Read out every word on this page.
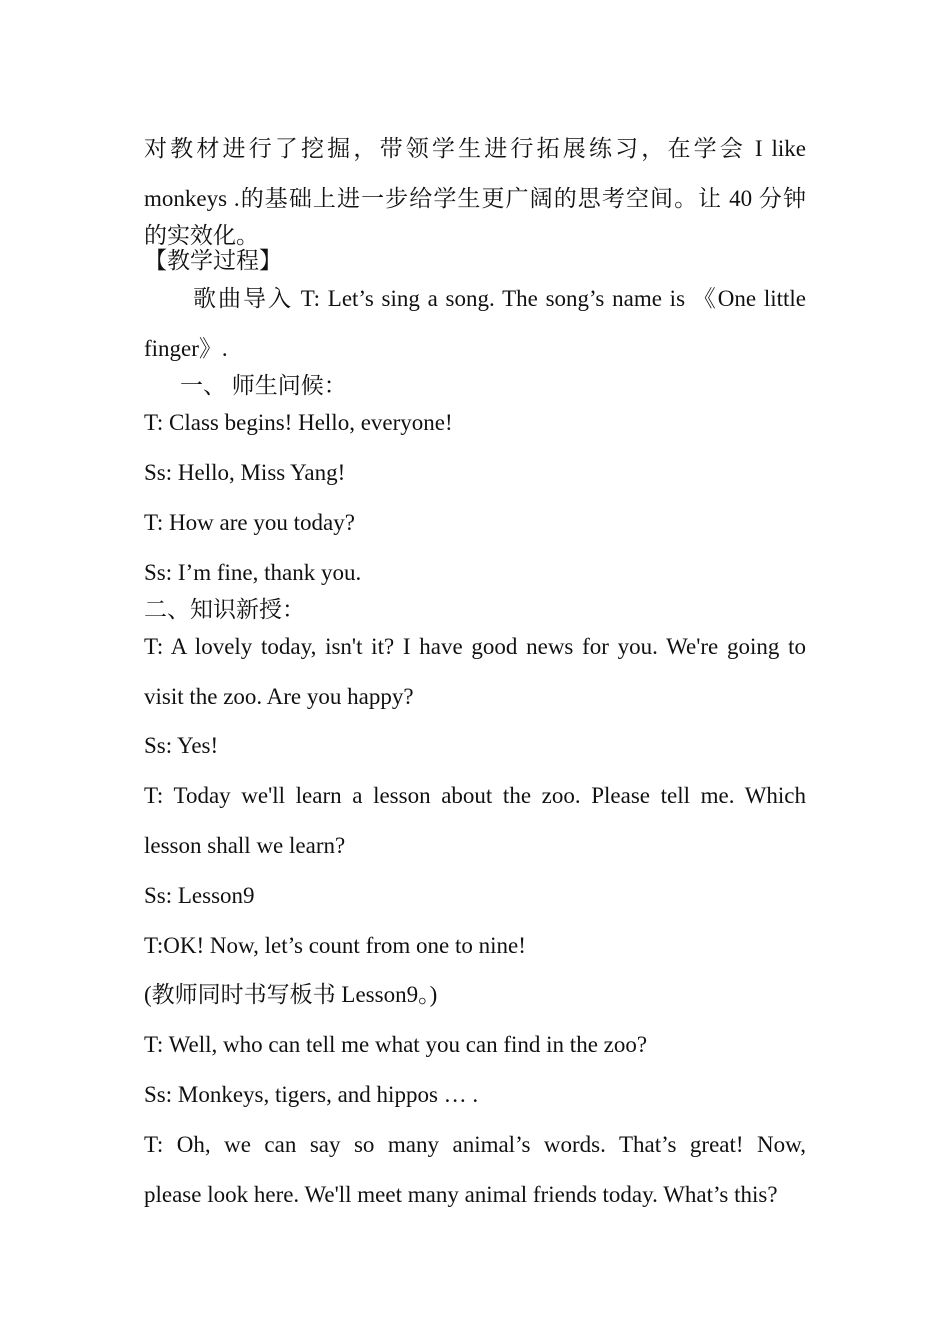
对教材进行了挖掘，带领学生进行拓展练习，在学会 I like
monkeys .的基础上进一步给学生更广阔的思考空间。让 40 分钟
的实效化。
【教学过程】
歌曲导入 T: Let’s sing a song. The song’s name is 《One little
finger》.
一、 师生问候：
T: Class begins! Hello, everyone!
Ss: Hello, Miss Yang!
T: How are you today?
Ss: I’m fine, thank you.
二、知识新授：
T: A lovely today, isn't it? I have good news for you. We're going to
visit the zoo. Are you happy?
Ss: Yes!
T: Today we'll learn a lesson about the zoo. Please tell me. Which
lesson shall we learn?
Ss: Lesson9
T:OK! Now, let’s count from one to nine!
(教师同时书写板书 Lesson9。)
T: Well, who can tell me what you can find in the zoo?
Ss: Monkeys, tigers, and hippos … .
T: Oh, we can say so many animal’s words. That’s great! Now,
please look here. We'll meet many animal friends today. What’s this?
